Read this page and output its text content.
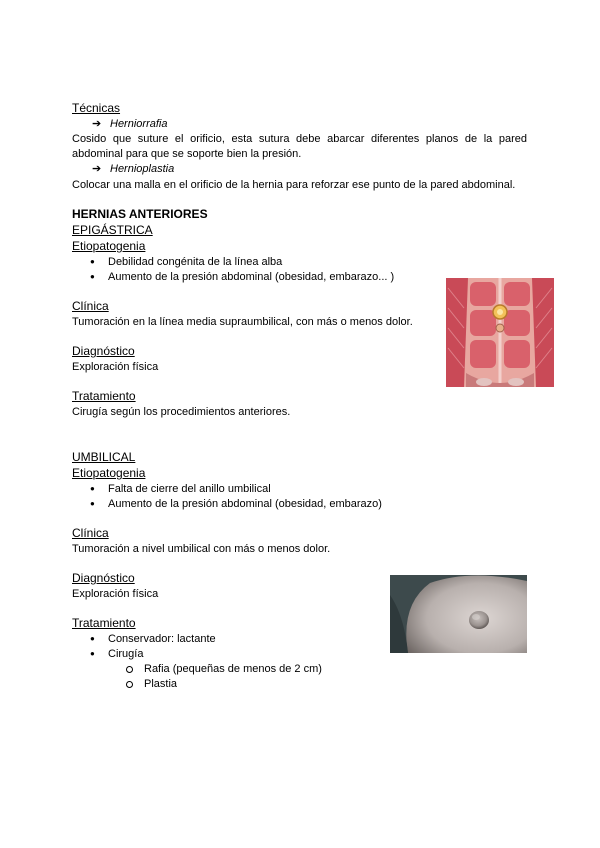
Técnicas
➔ Herniorrafia
Cosido que suture el orificio, esta sutura debe abarcar diferentes planos de la pared abdominal para que se soporte bien la presión.
➔ Hernioplastia
Colocar una malla en el orificio de la hernia para reforzar ese punto de la pared abdominal.
HERNIAS ANTERIORES
EPIGÁSTRICA
Etiopatogenia
● Debilidad congénita de la línea alba
● Aumento de la presión abdominal (obesidad, embarazo... )
Clínica
Tumoración en la línea media supraumbilical, con más o menos dolor.
Diagnóstico
Exploración física
Tratamiento
Cirugía según los procedimientos anteriores.
UMBILICAL
Etiopatogenia
● Falta de cierre del anillo umbilical
● Aumento de la presión abdominal (obesidad, embarazo)
Clínica
Tumoración a nivel umbilical con más o menos dolor.
Diagnóstico
Exploración física
Tratamiento
● Conservador: lactante
● Cirugía
Rafia (pequeñas de menos de 2 cm)
Plastia
